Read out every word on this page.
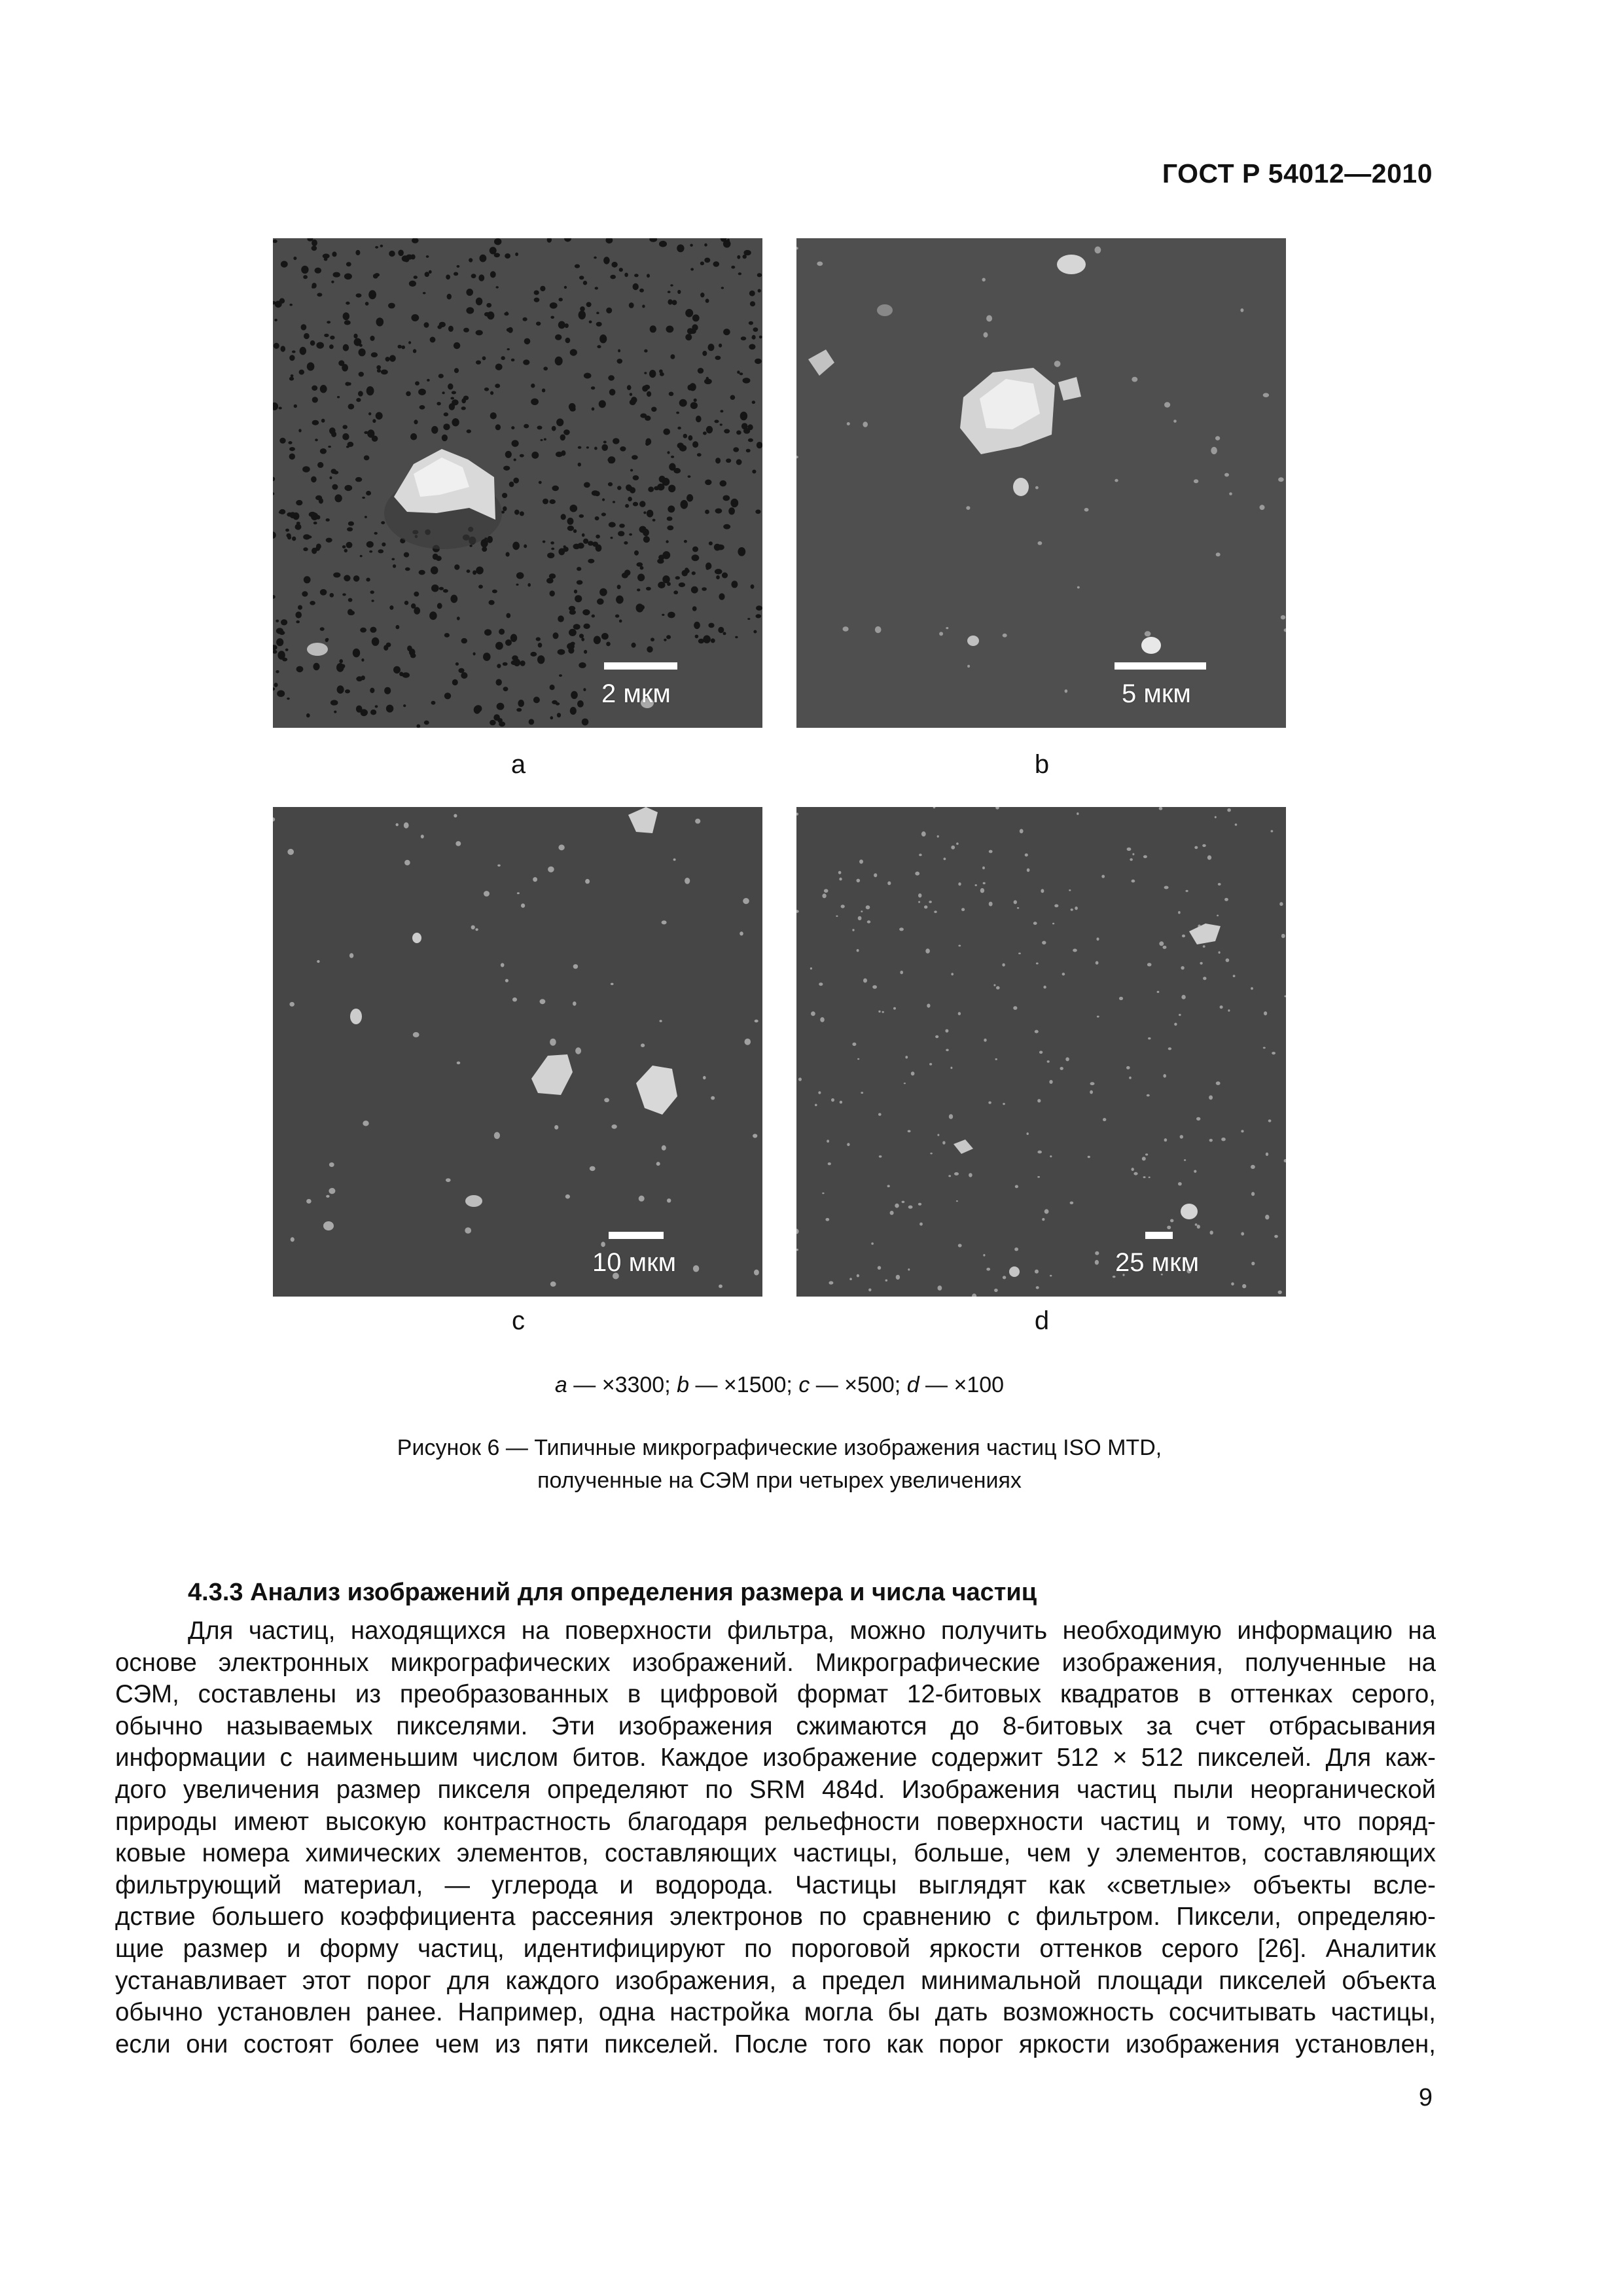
ГОСТ Р 54012—2010
2 мкм
a
5 мкм
b
10 мкм
c
25 мкм
d
a — ×3300; b — ×1500; c — ×500; d — ×100
Рисунок 6 — Типичные микрографические изображения частиц ISO MTD,
полученные на СЭМ при четырех увеличениях
4.3.3 Анализ изображений для определения размера и числа частиц
Для частиц, находящихся на поверхности фильтра, можно получить необходимую информацию на
основе электронных микрографических изображений. Микрографические изображения, полученные на
СЭМ, составлены из преобразованных в цифровой формат 12-битовых квадратов в оттенках серого,
обычно называемых пикселями. Эти изображения сжимаются до 8-битовых за счет отбрасывания
информации с наименьшим числом битов. Каждое изображение содержит 512 × 512 пикселей. Для каж-
дого увеличения размер пикселя определяют по SRM 484d. Изображения частиц пыли неорганической
природы имеют высокую контрастность благодаря рельефности поверхности частиц и тому, что поряд-
ковые номера химических элементов, составляющих частицы, больше, чем у элементов, составляющих
фильтрующий материал, — углерода и водорода. Частицы выглядят как «светлые» объекты всле-
дствие большего коэффициента рассеяния электронов по сравнению с фильтром. Пиксели, определяю-
щие размер и форму частиц, идентифицируют по пороговой яркости оттенков серого [26]. Аналитик
устанавливает этот порог для каждого изображения, а предел минимальной площади пикселей объекта
обычно установлен ранее. Например, одна настройка могла бы дать возможность сосчитывать частицы,
если они состоят более чем из пяти пикселей. После того как порог яркости изображения установлен,
9
